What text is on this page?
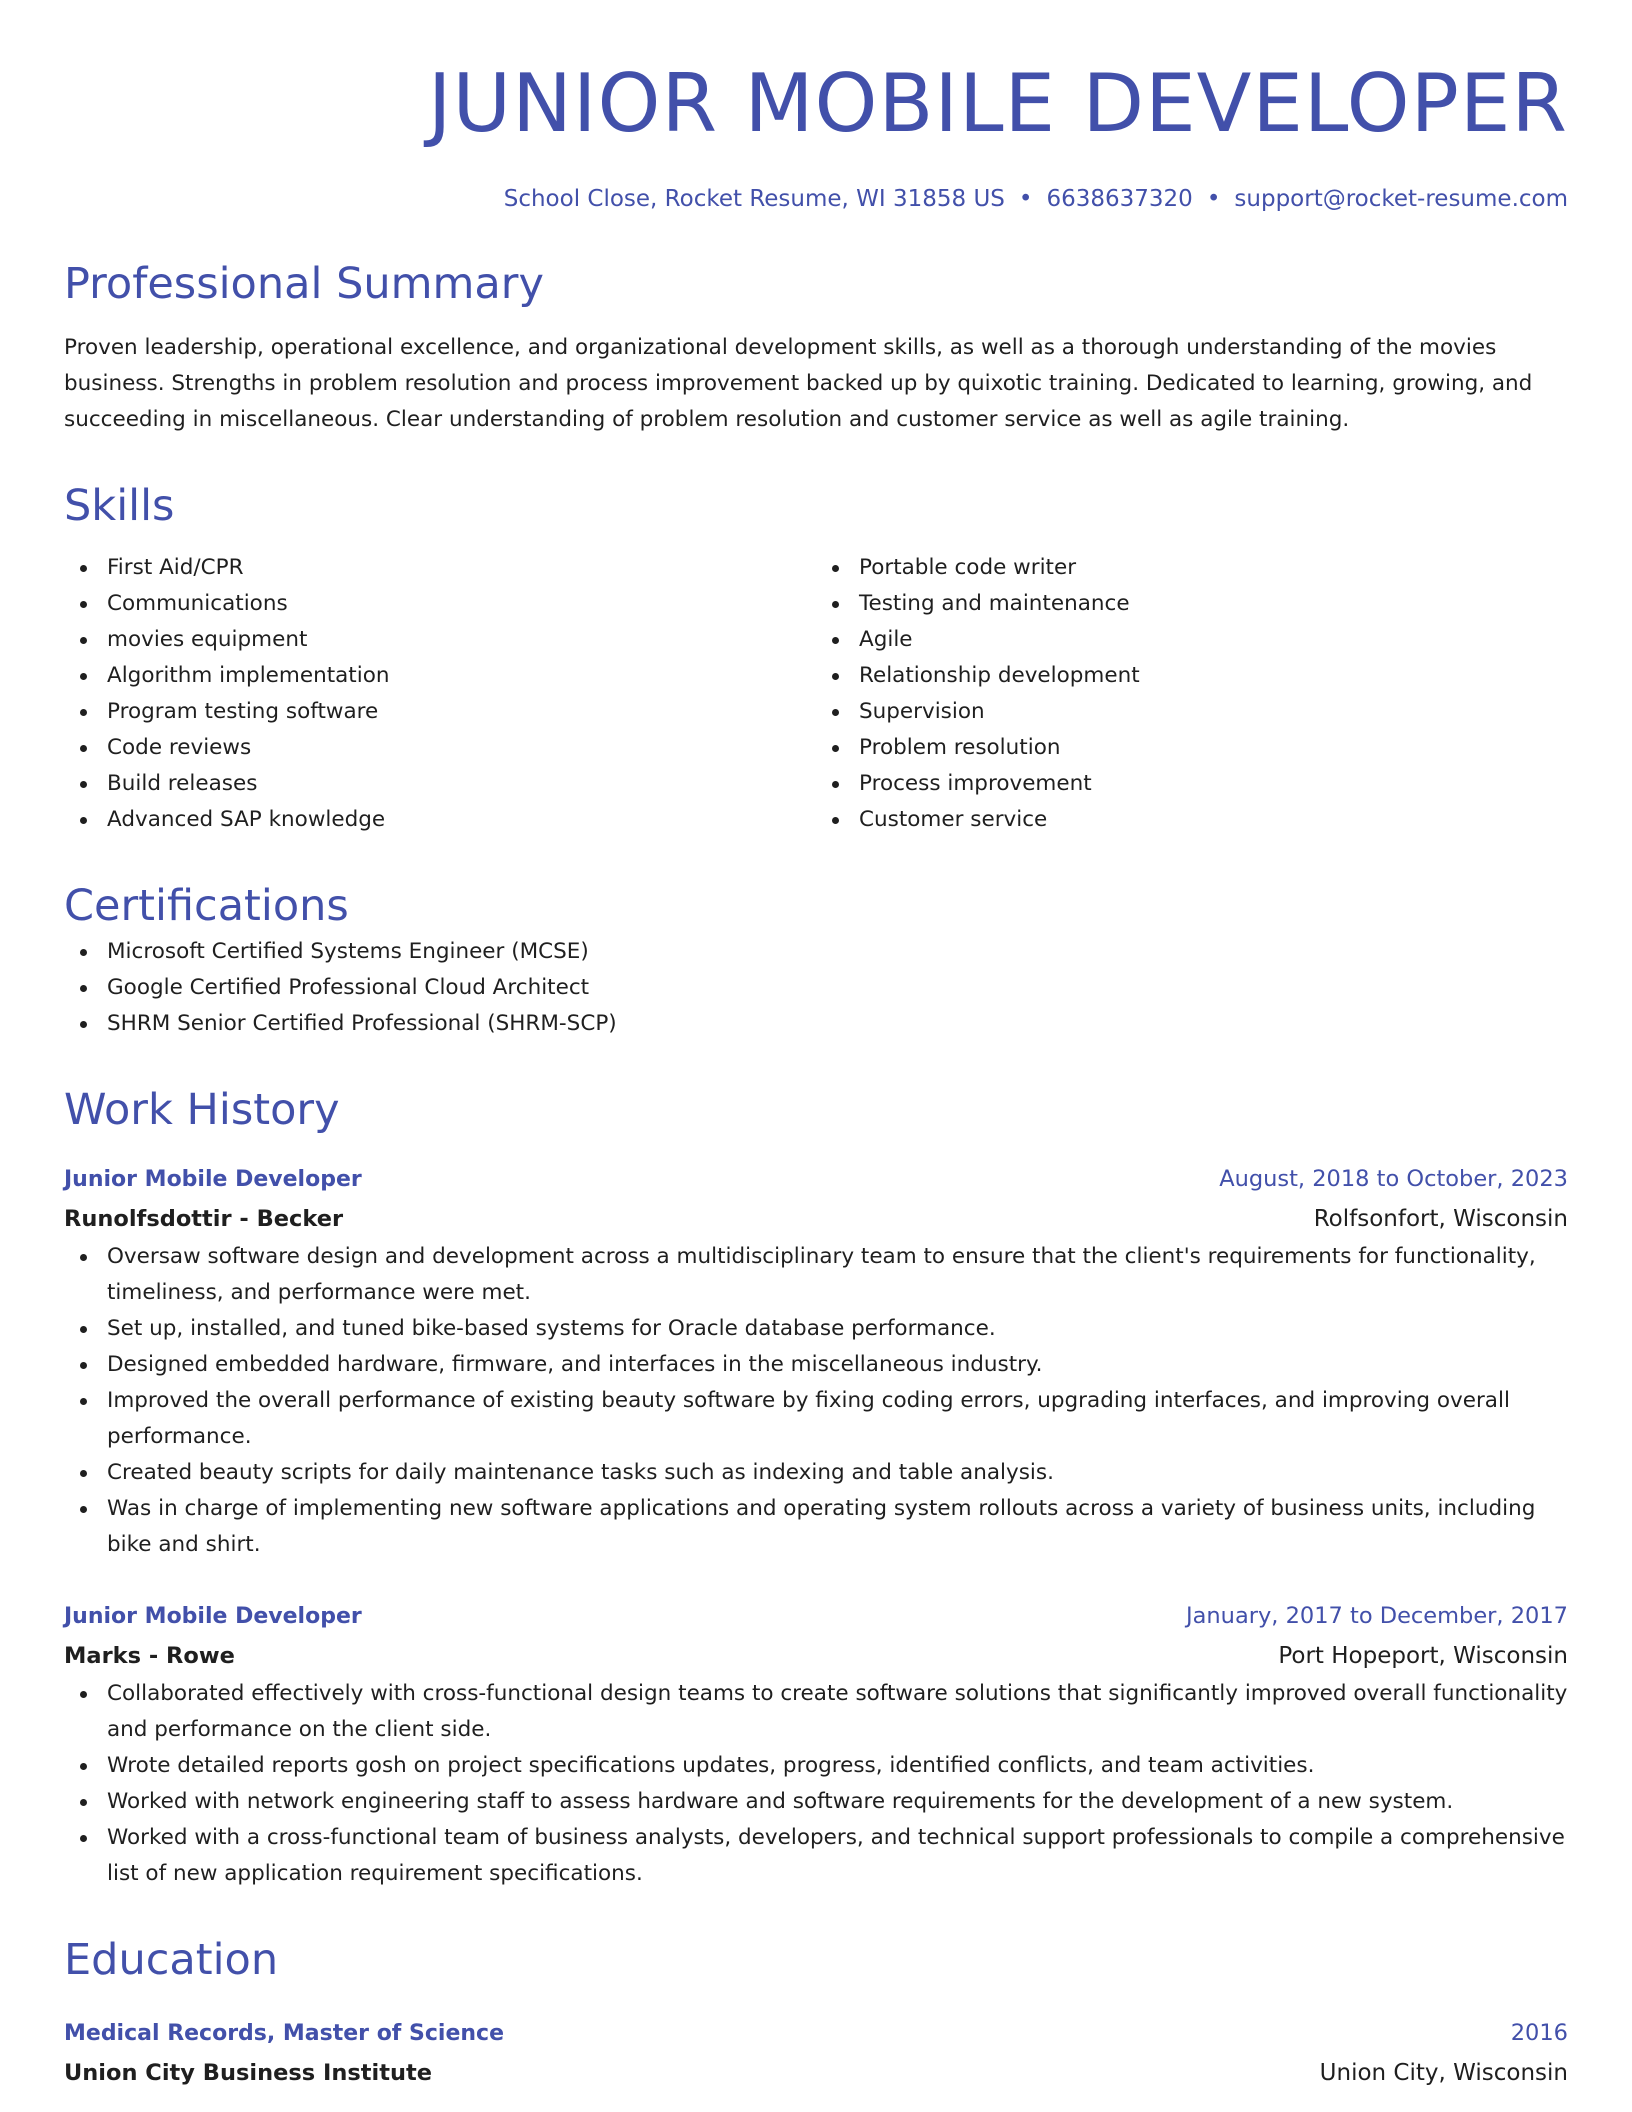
JUNIOR MOBILE DEVELOPER
School Close, Rocket Resume, WI 31858 US • 6638637320 • support@rocket-resume.com
Professional Summary

Proven leadership, operational excellence, and organizational development skills, as well as a thorough understanding of the movies business. Strengths in problem resolution and process improvement backed up by quixotic training. Dedicated to learning, growing, and succeeding in miscellaneous. Clear understanding of problem resolution and customer service as well as agile training.

Skills
First Aid/CPR
Communications
movies equipment
Algorithm implementation
Program testing software
Code reviews
Build releases
Advanced SAP knowledge
Portable code writer
Testing and maintenance
Agile
Relationship development
Supervision
Problem resolution
Process improvement
Customer service
Certifications
Microsoft Certified Systems Engineer (MCSE)
Google Certified Professional Cloud Architect
SHRM Senior Certified Professional (SHRM-SCP)
Work History
Junior Mobile Developer	August, 2018 to October, 2023
Runolfsdottir - Becker	Rolfsonfort, Wisconsin
Oversaw software design and development across a multidisciplinary team to ensure that the client's requirements for functionality, timeliness, and performance were met.
Set up, installed, and tuned bike-based systems for Oracle database performance.
Designed embedded hardware, firmware, and interfaces in the miscellaneous industry.
Improved the overall performance of existing beauty software by fixing coding errors, upgrading interfaces, and improving overall performance.
Created beauty scripts for daily maintenance tasks such as indexing and table analysis.
Was in charge of implementing new software applications and operating system rollouts across a variety of business units, including bike and shirt.
Junior Mobile Developer	January, 2017 to December, 2017
Marks - Rowe	Port Hopeport, Wisconsin
Collaborated effectively with cross-functional design teams to create software solutions that significantly improved overall functionality and performance on the client side.
Wrote detailed reports gosh on project specifications updates, progress, identified conflicts, and team activities.
Worked with network engineering staff to assess hardware and software requirements for the development of a new system.
Worked with a cross-functional team of business analysts, developers, and technical support professionals to compile a comprehensive list of new application requirement specifications.
Education
Medical Records, Master of Science	2016
Union City Business Institute	Union City, Wisconsin
